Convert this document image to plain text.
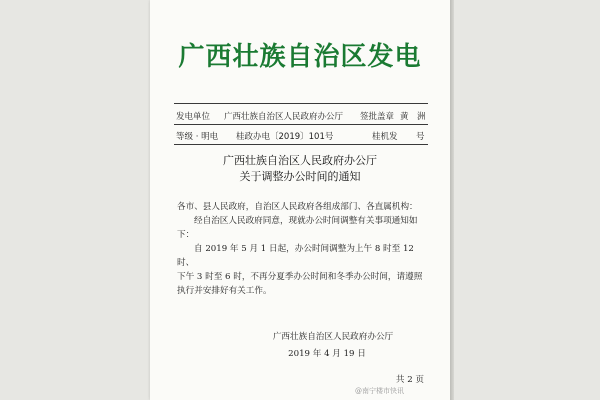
广西壮族自治区发电
发电单位 广西壮族自治区人民政府办公厅 签批盖章 黄　洲
等级 · 明电 桂政办电〔2019〕101号	桂机发 号
广西壮族自治区人民政府办公厅
关于调整办公时间的通知
各市、县人民政府，自治区人民政府各组成部门、各直属机构：
经自治区人民政府同意，现就办公时间调整有关事项通知如
下：
自 2019 年 5 月 1 日起，办公时间调整为上午 8 时至 12 时、
下午 3 时至 6 时，不再分夏季办公时间和冬季办公时间，请遵照
执行并安排好有关工作。
广西壮族自治区人民政府办公厅
2019 年 4 月 19 日
共 2 页
@南宁楼市快讯
